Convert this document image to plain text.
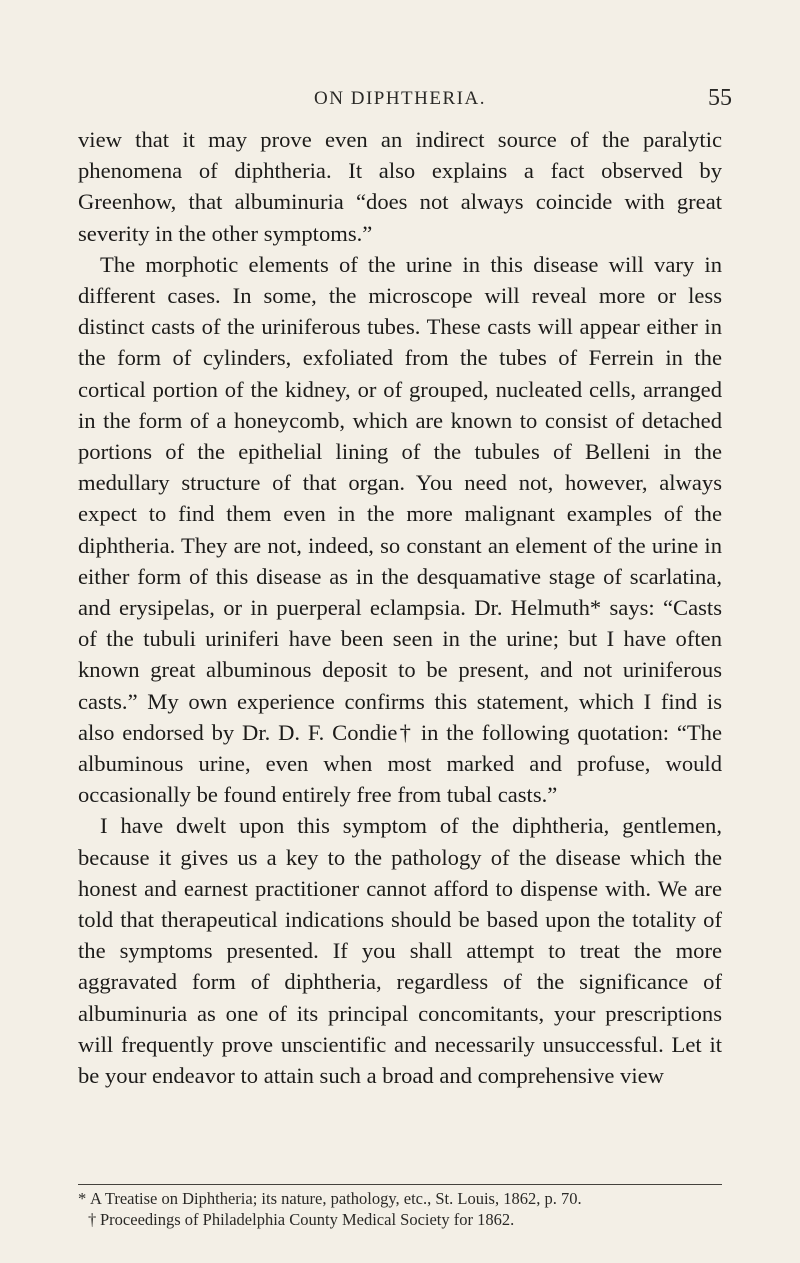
ON DIPHTHERIA.	55

view that it may prove even an indirect source of the paralytic phenomena of diphtheria. It also explains a fact observed by Greenhow, that albuminuria “does not always coincide with great severity in the other symptoms.”

The morphotic elements of the urine in this disease will vary in different cases. In some, the microscope will reveal more or less distinct casts of the uriniferous tubes. These casts will appear either in the form of cylinders, exfoliated from the tubes of Ferrein in the cortical portion of the kidney, or of grouped, nucleated cells, arranged in the form of a honeycomb, which are known to consist of detached portions of the epithelial lining of the tubules of Belleni in the medullary structure of that organ. You need not, however, always expect to find them even in the more malignant examples of the diphtheria. They are not, indeed, so constant an element of the urine in either form of this disease as in the desquamative stage of scarlatina, and erysipelas, or in puerperal eclampsia. Dr. Helmuth* says: “Casts of the tubuli uriniferi have been seen in the urine; but I have often known great albuminous deposit to be present, and not uriniferous casts.” My own experience confirms this statement, which I find is also endorsed by Dr. D. F. Condie† in the following quotation: “The albuminous urine, even when most marked and profuse, would occasionally be found entirely free from tubal casts.”

I have dwelt upon this symptom of the diphtheria, gentlemen, because it gives us a key to the pathology of the disease which the honest and earnest practitioner cannot afford to dispense with. We are told that therapeutical indications should be based upon the totality of the symptoms presented. If you shall attempt to treat the more aggravated form of diphtheria, regardless of the significance of albuminuria as one of its principal concomitants, your prescriptions will frequently prove unscientific and necessarily unsuccessful. Let it be your endeavor to attain such a broad and comprehensive view

* A Treatise on Diphtheria; its nature, pathology, etc., St. Louis, 1862, p. 70.

† Proceedings of Philadelphia County Medical Society for 1862.
